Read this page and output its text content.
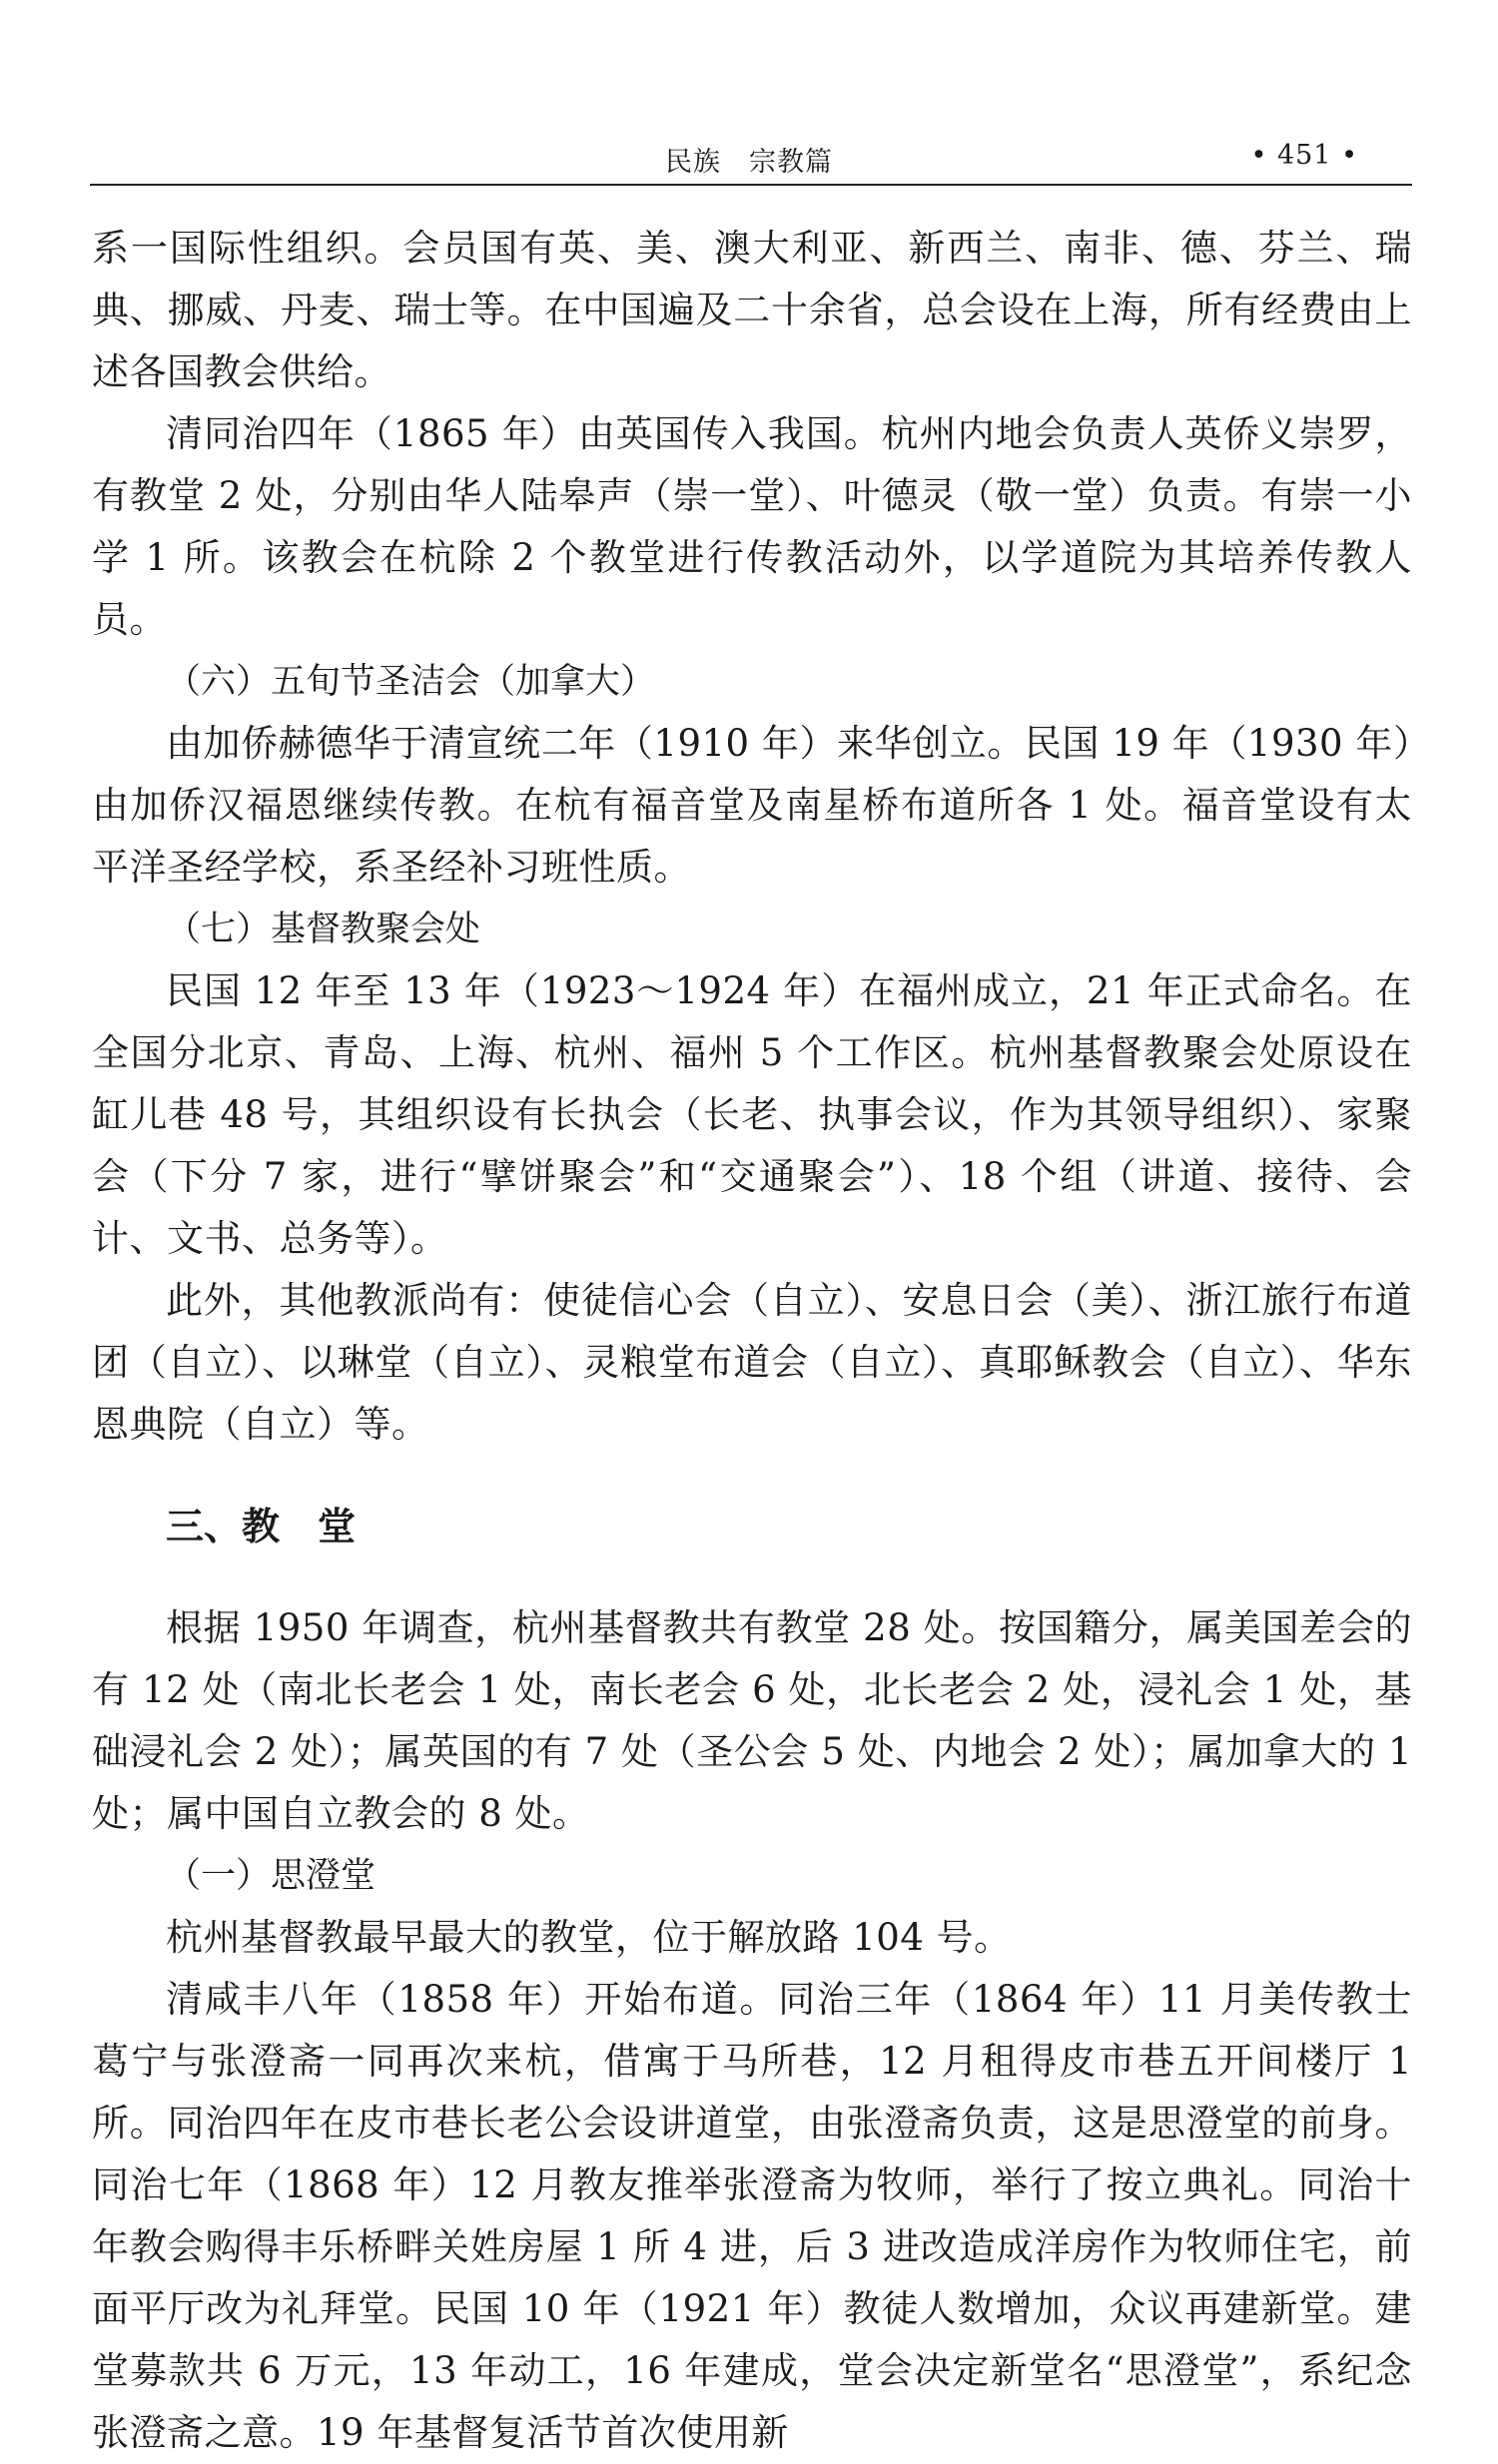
民族　宗教篇	• 451 •

系一国际性组织。会员国有英、美、澳大利亚、新西兰、南非、德、芬兰、瑞典、挪威、丹麦、瑞士等。在中国遍及二十余省，总会设在上海，所有经费由上述各国教会供给。

清同治四年（1865 年）由英国传入我国。杭州内地会负责人英侨义崇罗，有教堂 2 处，分别由华人陆皋声（崇一堂）、叶德灵（敬一堂）负责。有崇一小学 1 所。该教会在杭除 2 个教堂进行传教活动外，以学道院为其培养传教人员。

（六）五旬节圣洁会（加拿大）

由加侨赫德华于清宣统二年（1910 年）来华创立。民国 19 年（1930 年）由加侨汉福恩继续传教。在杭有福音堂及南星桥布道所各 1 处。福音堂设有太平洋圣经学校，系圣经补习班性质。

（七）基督教聚会处

民国 12 年至 13 年（1923～1924 年）在福州成立，21 年正式命名。在全国分北京、青岛、上海、杭州、福州 5 个工作区。杭州基督教聚会处原设在缸儿巷 48 号，其组织设有长执会（长老、执事会议，作为其领导组织）、家聚会（下分 7 家，进行“擘饼聚会”和“交通聚会”）、18 个组（讲道、接待、会计、文书、总务等）。

此外，其他教派尚有：使徒信心会（自立）、安息日会（美）、浙江旅行布道团（自立）、以琳堂（自立）、灵粮堂布道会（自立）、真耶稣教会（自立）、华东恩典院（自立）等。

三、教　堂

根据 1950 年调查，杭州基督教共有教堂 28 处。按国籍分，属美国差会的有 12 处（南北长老会 1 处，南长老会 6 处，北长老会 2 处，浸礼会 1 处，基础浸礼会 2 处）；属英国的有 7 处（圣公会 5 处、内地会 2 处）；属加拿大的 1 处；属中国自立教会的 8 处。

（一）思澄堂

杭州基督教最早最大的教堂，位于解放路 104 号。

清咸丰八年（1858 年）开始布道。同治三年（1864 年）11 月美传教士葛宁与张澄斋一同再次来杭，借寓于马所巷，12 月租得皮市巷五开间楼厅 1 所。同治四年在皮市巷长老公会设讲道堂，由张澄斋负责，这是思澄堂的前身。同治七年（1868 年）12 月教友推举张澄斋为牧师，举行了按立典礼。同治十年教会购得丰乐桥畔关姓房屋 1 所 4 进，后 3 进改造成洋房作为牧师住宅，前面平厅改为礼拜堂。民国 10 年（1921 年）教徒人数增加，众议再建新堂。建堂募款共 6 万元，13 年动工，16 年建成，堂会决定新堂名“思澄堂”，系纪念张澄斋之意。19 年基督复活节首次使用新
